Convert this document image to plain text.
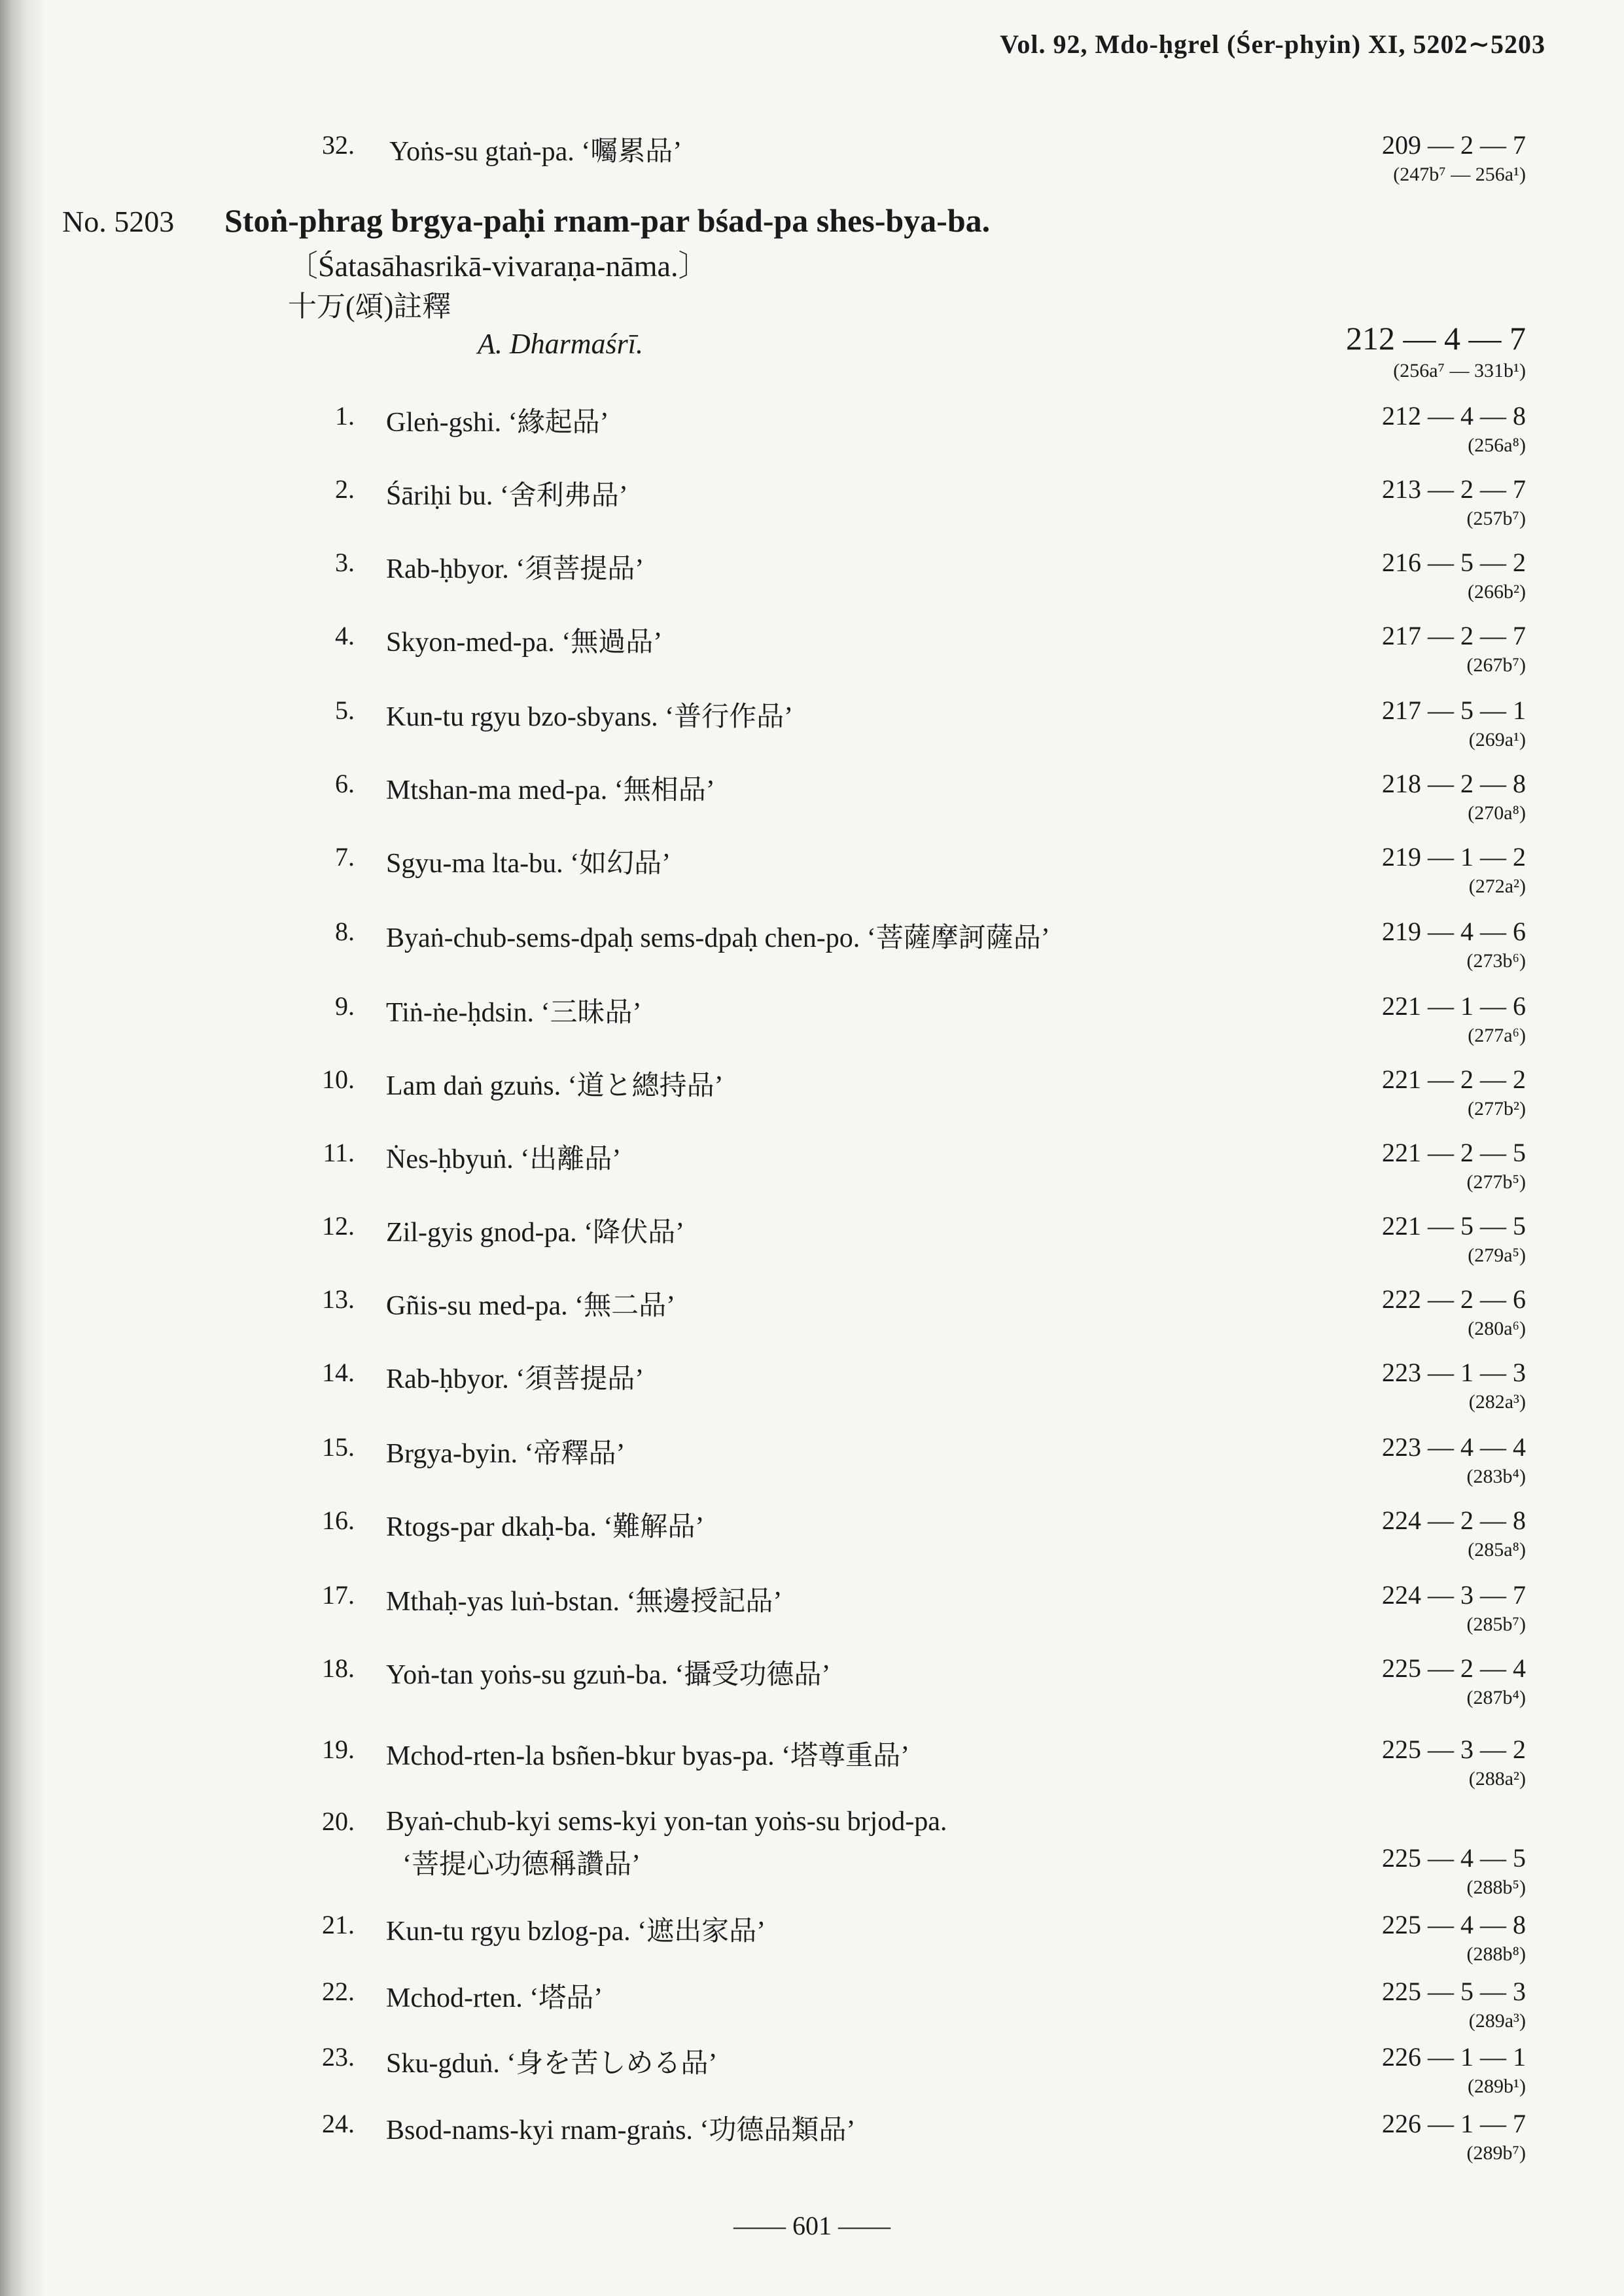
Vol. 92, Mdo-ḥgrel (Śer-phyin) XI, 5202∼5203
32. Yoṅs-su gtaṅ-pa. ‘囑累品’	209 — 2 — 7
(247b⁷ — 256a¹)
No. 5203 Stoṅ-phrag brgya-paḥi rnam-par bśad-pa shes-bya-ba.
〔Śatasāhasrikā-vivaraṇa-nāma.〕
十万(頌)註釋
A. Dharmaśrī.	212 — 4 — 7
(256a⁷ — 331b¹)
1. Gleṅ-gshi. ‘緣起品’	212 — 4 — 8
(256a⁸)
2. Śāriḥi bu. ‘舍利弗品’	213 — 2 — 7
(257b⁷)
3. Rab-ḥbyor. ‘須菩提品’	216 — 5 — 2
(266b²)
4. Skyon-med-pa. ‘無過品’	217 — 2 — 7
(267b⁷)
5. Kun-tu rgyu bzo-sbyans. ‘普行作品’	217 — 5 — 1
(269a¹)
6. Mtshan-ma med-pa. ‘無相品’	218 — 2 — 8
(270a⁸)
7. Sgyu-ma lta-bu. ‘如幻品’	219 — 1 — 2
(272a²)
8. Byaṅ-chub-sems-dpaḥ sems-dpaḥ chen-po. ‘菩薩摩訶薩品’	219 — 4 — 6
(273b⁶)
9. Tiṅ-ṅe-ḥdsin. ‘三昧品’	221 — 1 — 6
(277a⁶)
10. Lam daṅ gzuṅs. ‘道と總持品’	221 — 2 — 2
(277b²)
11. Ṅes-ḥbyuṅ. ‘出離品’	221 — 2 — 5
(277b⁵)
12. Zil-gyis gnod-pa. ‘降伏品’	221 — 5 — 5
(279a⁵)
13. Gñis-su med-pa. ‘無二品’	222 — 2 — 6
(280a⁶)
14. Rab-ḥbyor. ‘須菩提品’	223 — 1 — 3
(282a³)
15. Brgya-byin. ‘帝釋品’	223 — 4 — 4
(283b⁴)
16. Rtogs-par dkaḥ-ba. ‘難解品’	224 — 2 — 8
(285a⁸)
17. Mthaḥ-yas luṅ-bstan. ‘無邊授記品’	224 — 3 — 7
(285b⁷)
18. Yoṅ-tan yoṅs-su gzuṅ-ba. ‘攝受功德品’	225 — 2 — 4
(287b⁴)
19. Mchod-rten-la bsñen-bkur byas-pa. ‘塔尊重品’	225 — 3 — 2
(288a²)
20. Byaṅ-chub-kyi sems-kyi yon-tan yoṅs-su brjod-pa.
‘菩提心功德稱讚品’	225 — 4 — 5
(288b⁵)
21. Kun-tu rgyu bzlog-pa. ‘遮出家品’	225 — 4 — 8
(288b⁸)
22. Mchod-rten. ‘塔品’	225 — 5 — 3
(289a³)
23. Sku-gduṅ. ‘身を苦しめる品’	226 — 1 — 1
(289b¹)
24. Bsod-nams-kyi rnam-graṅs. ‘功德品類品’	226 — 1 — 7
(289b⁷)
—— 601 ——
